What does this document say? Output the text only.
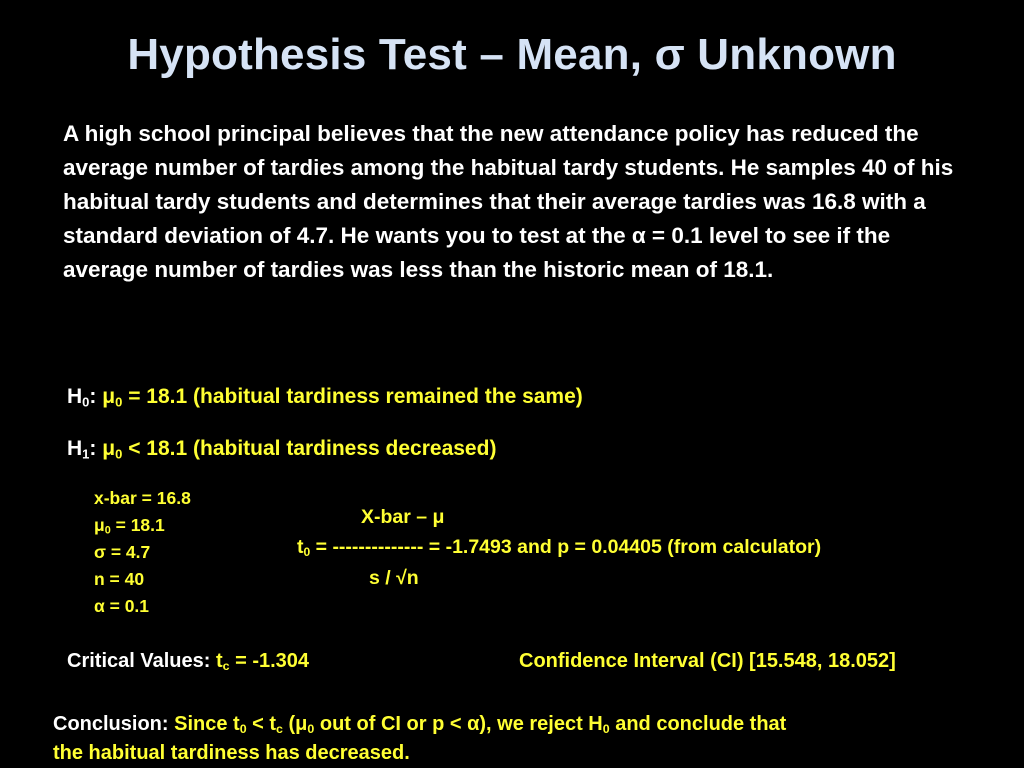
Hypothesis Test – Mean, σ Unknown
A high school principal believes that the new attendance policy has reduced the average number of tardies among the habitual tardy students. He samples 40 of his habitual tardy students and determines that their average tardies was 16.8 with a standard deviation of 4.7. He wants you to test at the α = 0.1 level to see if the average number of tardies was less than the historic mean of 18.1.
$H_0$: $\mu_0 = 18.1$ (habitual tardiness remained the same)
$H_1$: $\mu_0 < 18.1$ (habitual tardiness decreased)
x-bar = 16.8
$\mu_0 = 18.1$
σ = 4.7
n = 40
α = 0.1
X-bar – μ
$t_0$ = -------------- = -1.7493 and p = 0.04405 (from calculator)
s / √n
Critical Values: $t_c = -1.304$	Confidence Interval (CI) [15.548, 18.052]
Conclusion: Since $t_0 < t_c$ ($\mu_0$ out of CI or p < α), we reject $H_0$ and conclude that
the habitual tardiness has decreased.
